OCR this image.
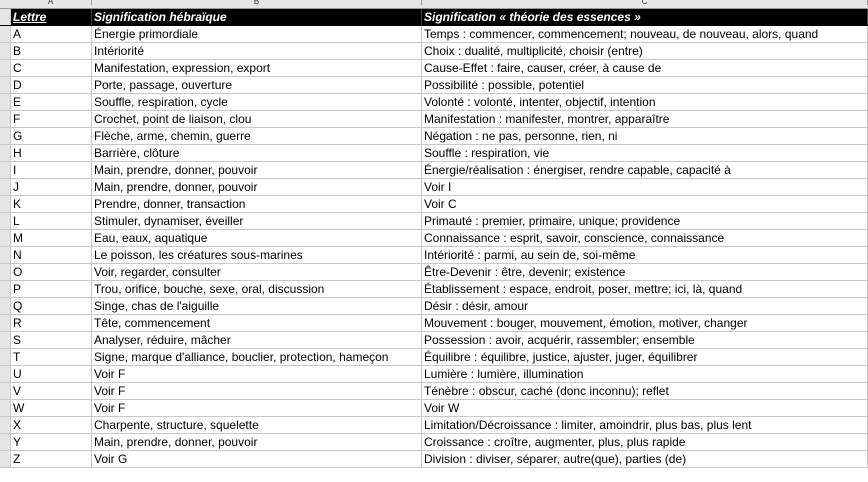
A	B	C
Lettre	Signification hébraïque	Signification « théorie des essences »
A	Énergie primordiale	Temps : commencer, commencement; nouveau, de nouveau, alors, quand
B	Intériorité	Choix : dualité, multiplicité, choisir (entre)
C	Manifestation, expression, export	Cause-Effet : faire, causer, créer, à cause de
D	Porte, passage, ouverture	Possibilité : possible, potentiel
E	Souffle, respiration, cycle	Volonté : volonté, intenter, objectif, intention
F	Crochet, point de liaison, clou	Manifestation : manifester, montrer, apparaître
G	Flèche, arme, chemin, guerre	Négation : ne pas, personne, rien, ni
H	Barrière, clôture	Souffle : respiration, vie
I	Main, prendre, donner, pouvoir	Énergie/réalisation : énergiser, rendre capable, capacité à
J	Main, prendre, donner, pouvoir	Voir I
K	Prendre, donner, transaction	Voir C
L	Stimuler, dynamiser, éveiller	Primauté : premier, primaire, unique; providence
M	Eau, eaux, aquatique	Connaissance : esprit, savoir, conscience, connaissance
N	Le poisson, les créatures sous-marines	Intériorité : parmi, au sein de, soi-même
O	Voir, regarder, consulter	Être-Devenir : être, devenir; existence
P	Trou, orifice, bouche, sexe, oral, discussion	Établissement : espace, endroit, poser, mettre; ici, là, quand
Q	Singe, chas de l'aiguille	Désir : désir, amour
R	Tête, commencement	Mouvement : bouger, mouvement, émotion, motiver, changer
S	Analyser, réduire, mâcher	Possession : avoir, acquérir, rassembler; ensemble
T	Signe, marque d'alliance, bouclier, protection, hameçon	Équilibre : équilibre, justice, ajuster, juger, équilibrer
U	Voir F	Lumière : lumière, illumination
V	Voir F	Ténèbre : obscur, caché (donc inconnu); reflet
W	Voir F	Voir W
X	Charpente, structure, squelette	Limitation/Décroissance : limiter, amoindrir, plus bas, plus lent
Y	Main, prendre, donner, pouvoir	Croissance : croître, augmenter, plus, plus rapide
Z	Voir G	Division : diviser, séparer, autre(que), parties (de)
